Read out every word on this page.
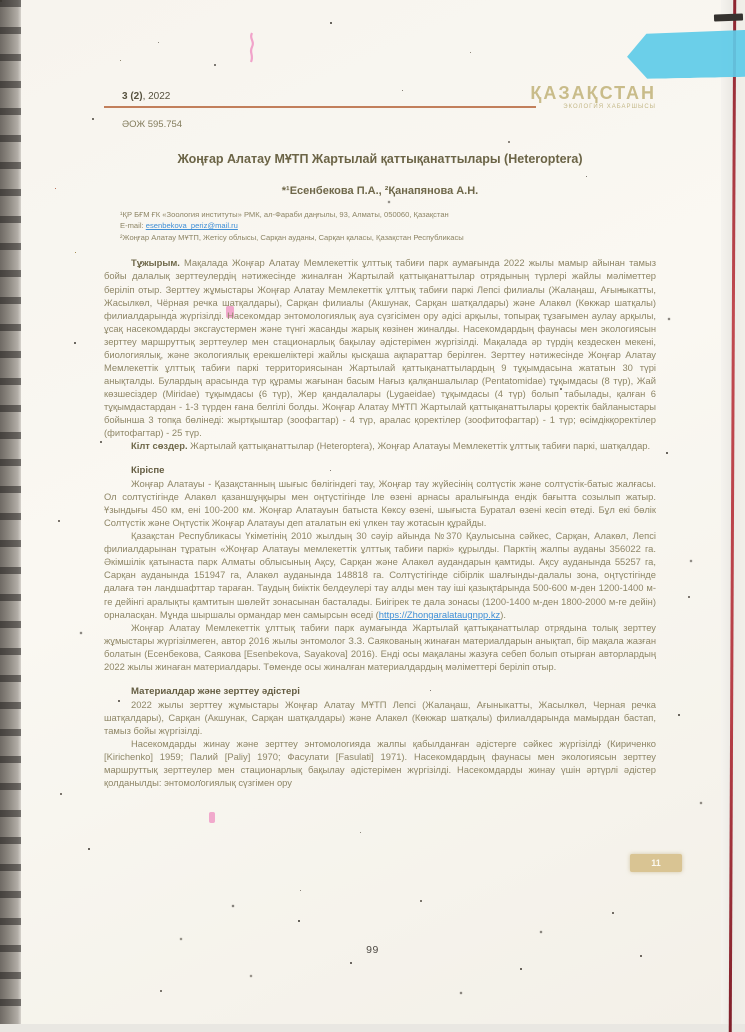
3 (2), 2022	ҚАЗАҚСТАН
ЭКОЛОГИЯ ХАБАРШЫСЫ
ӘОЖ 595.754
Жоңғар Алатау МҰТП Жартылай қаттықанаттылары (Heteroptera)
*¹Есенбекова П.А., ²Қанапянова А.Н.
¹ҚР БҒМ ҒК «Зоология институты» РМК, ал-Фараби даңғылы, 93, Алматы, 050060, Қазақстан
E-mail: esenbekova_periz@mail.ru
²Жоңғар Алатау МҰТП, Жетісу облысы, Сарқан ауданы, Сарқан қаласы, Қазақстан Республикасы

Тұжырым. Мақалада Жоңғар Алатау Мемлекеттік ұлттық табиғи парк аумағында 2022 жылы мамыр айынан тамыз бойы далалық зерттеулердің нәтижесінде жиналған Жартылай қаттықанаттылар отрядының түрлері жайлы мәліметтер беріліп отыр. Зерттеу жұмыстары Жоңғар Алатау Мемлекеттік ұлттық табиғи паркі Лепсі филиалы (Жалаңаш, Ағыныкатты, Жасылкөл, Чёрная речка шатқалдары), Сарқан филиалы (Акшунак, Сарқан шатқалдары) және Алакөл (Көкжар шатқалы) филиалдарында жүргізілді. Насекомдар энтомологиялық ауа сүзгісімен ору әдісі арқылы, топырақ тұзағымен аулау арқылы, ұсақ насекомдарды эксгаустермен және түнгі жасанды жарық көзінен жиналды. Насекомдардың фаунасы мен экологиясын зерттеу маршруттық зерттеулер мен стационарлық бақылау әдістерімен жүргізілді. Мақалада әр түрдің кездескен мекені, биологиялық, және экологиялық ерекшеліктері жайлы қысқаша ақпараттар берілген. Зерттеу нәтижесінде Жоңғар Алатау Мемлекеттік ұлттық табиғи паркі территориясынан Жартылай қаттықанаттылардың 9 тұқымдасына жататын 30 түрі анықталды. Булардың арасында түр құрамы жағынан басым Нағыз қалқаншалылар (Pentatomidae) тұқымдасы (8 түр), Жай көзшесіздер (Miridae) тұқымдасы (6 түр), Жер қандалалары (Lygaeidae) тұқымдасы (4 түр) болып табылады, қалған 6 тұқымдастардан - 1-3 түрден ғана белгілі болды. Жоңғар Алатау МҰТП Жартылай қаттықанаттылары қоректік байланыстары бойынша 3 топқа бөлінеді: жыртқыштар (зоофагтар) - 4 түр, аралас қоректілер (зоофитофагтар) - 1 түр; өсімдікқоректілер (фитофагтар) - 25 түр.

Кілт сөздер. Жартылай қаттықанаттылар (Heteroptera), Жоңғар Алатауы Мемлекеттік ұлттық табиғи паркі, шатқалдар.

Кіріспе

Жоңғар Алатауы - Қазақстанның шығыс бөлігіндегі тау, Жоңғар тау жүйесінің солтүстік және солтүстік-батыс жалғасы. Ол солтүстігінде Алакөл қазаншұңқыры мен оңтүстігінде Іле өзені арнасы аралығында ендік бағытта созылып жатыр. Ұзындығы 450 км, ені 100-200 км. Жоңғар Алатауын батыста Көксу өзені, шығыста Буратал өзені кесіп өтеді. Бұл екі бөлік Солтүстік және Оңтүстік Жоңғар Алатауы деп аталатын екі үлкен тау жотасын құрайды.

Қазақстан Республикасы Үкіметінің 2010 жылдың 30 сәуір айында №370 Қаулысына сәйкес, Сарқан, Алакөл, Лепсі филиалдарынан тұратын «Жоңғар Алатауы мемлекеттік ұлттық табиғи паркі» құрылды. Парктің жалпы ауданы 356022 га. Әкімшілік қатынаста парк Алматы облысының Ақсу, Сарқан және Алакөл аудандарын қамтиды. Ақсу ауданында 55257 га, Сарқан ауданында 151947 га, Алакөл ауданында 148818 га. Солтүстігінде сібірлік шалғынды-далалы зона, оңтүстігінде далаға тән ландшафттар тараған. Таудың биіктік белдеулері тау алды мен тау іші қазықтарында 500-600 м-ден 1200-1400 м-ге дейінгі аралықты қамтитын шөлейт зонасынан басталады. Биігірек те дала зонасы (1200-1400 м-ден 1800-2000 м-ге дейін) орналасқан. Мұнда шыршалы ормандар мен самырсын өседі (https://Zhongaralataugnpp.kz).

Жоңғар Алатау Мемлекеттік ұлттық табиғи парк аумағында Жартылай қаттықанаттылар отрядына толық зерттеу жұмыстары жүргізілмеген, автор 2016 жылы энтомолог З.З. Саякованың жинаған материалдарын анықтап, бір мақала жазған болатын (Есенбекова, Саякова [Esenbekova, Sayakova] 2016). Енді осы мақаланы жазуға себеп болып отырған авторлардың 2022 жылы жинаған материалдары. Төменде осы жиналған материалдардың мәліметтері беріліп отыр.

Материалдар және зерттеу әдістері

2022 жылы зерттеу жұмыстары Жоңғар Алатау МҰТП Лепсі (Жалаңаш, Ағыныкатты, Жасылкөл, Черная речка шатқалдары), Сарқан (Акшунак, Сарқан шатқалдары) және Алакөл (Көкжар шатқалы) филиалдарында мамырдан бастап, тамыз бойы жүргізілді.

Насекомдарды жинау және зерттеу энтомологияда жалпы қабылданған әдістерге сәйкес жүргізілді (Кириченко [Kirichenko] 1959; Палий [Paliy] 1970; Фасулати [Fasulati] 1971). Насекомдардың фаунасы мен экологиясын зерттеу маршруттық зерттеулер мен стационарлық бақылау әдістерімен жүргізілді. Насекомдарды жинау үшін әртүрлі әдістер қолданылды: энтомологиялық сүзгімен ору

11
99
